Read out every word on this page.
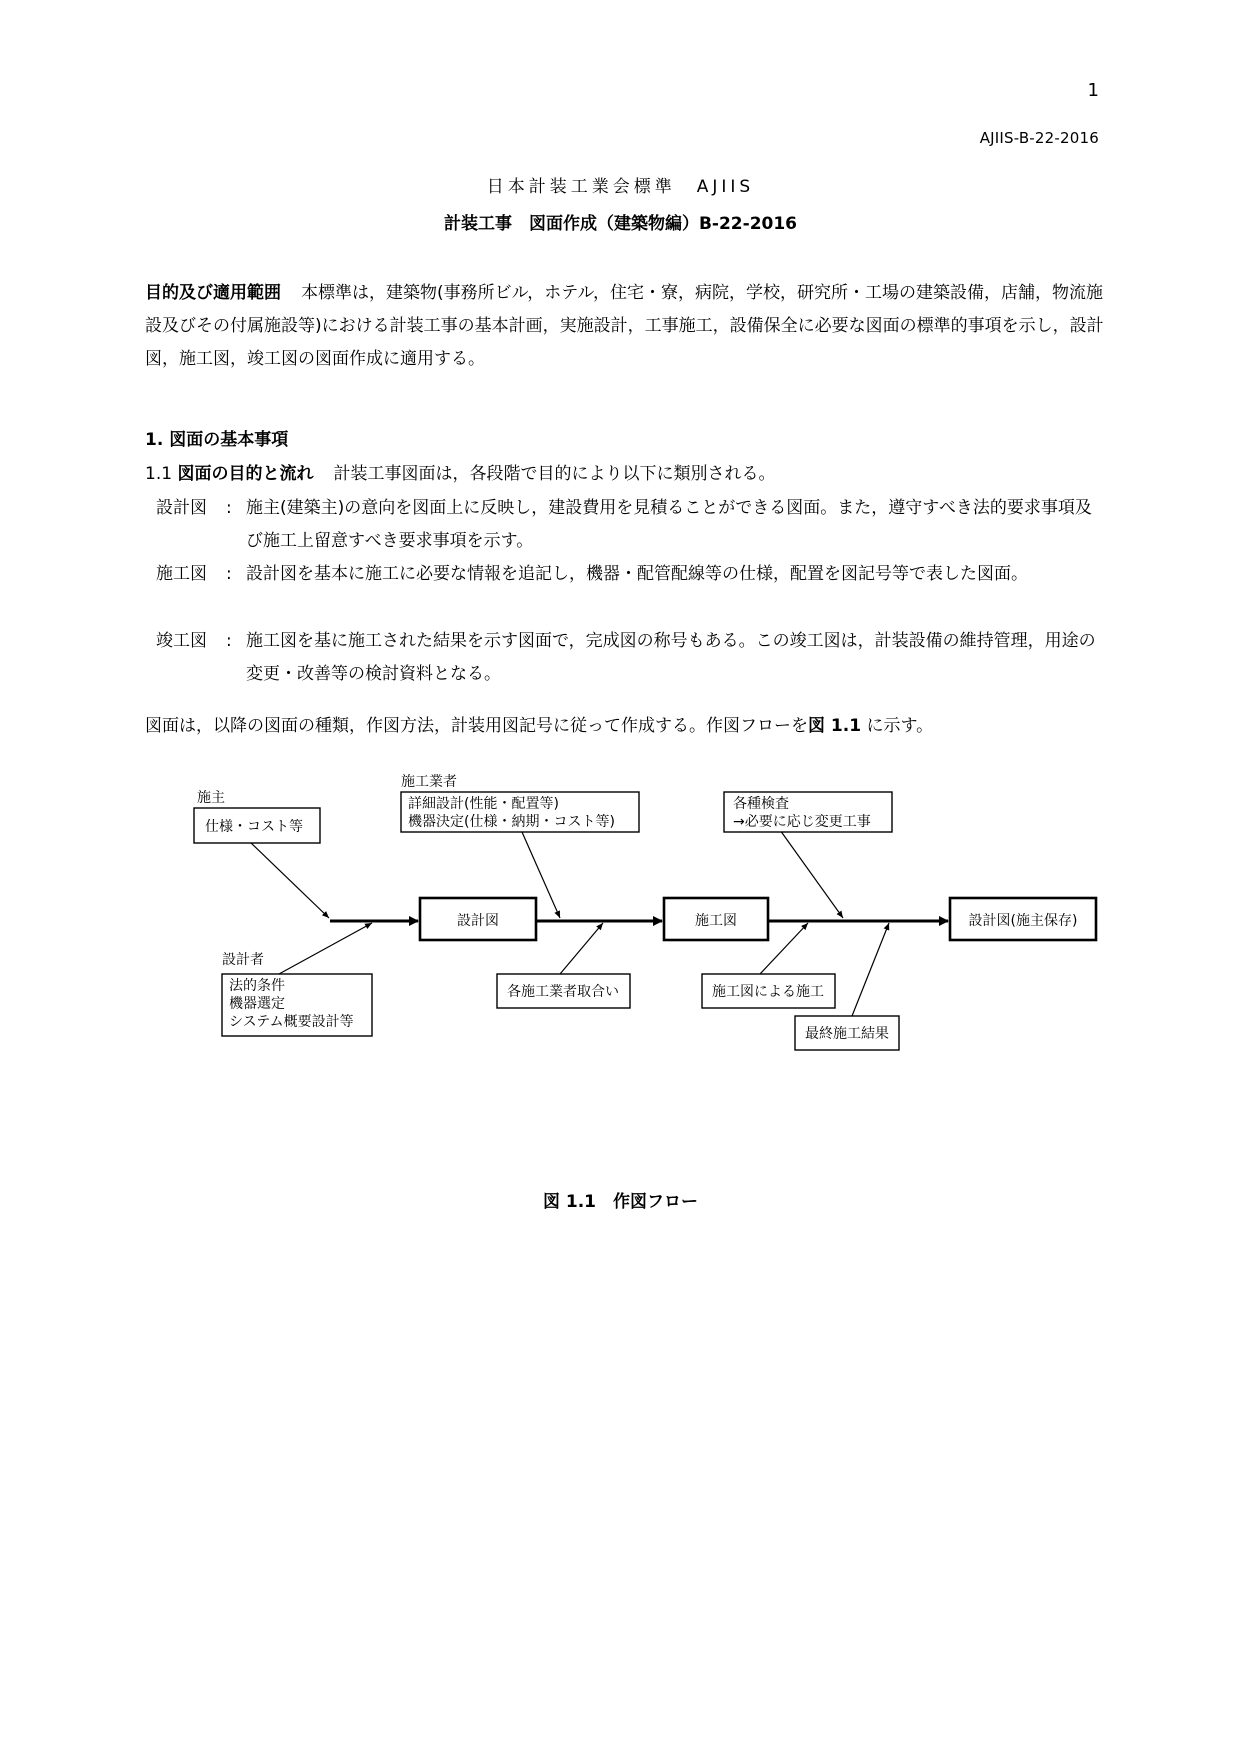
1
AJIIS-B-22-2016
日本計装工業会標準　AJIIS
計装工事　図面作成（建築物編）B-22-2016
目的及び適用範囲 本標準は，建築物(事務所ビル，ホテル，住宅・寮，病院，学校，研究所・工場の建築設備，店舗，物流施設及びその付属施設等)における計装工事の基本計画，実施設計，工事施工，設備保全に必要な図面の標準的事項を示し，設計図，施工図，竣工図の図面作成に適用する。
1. 図面の基本事項
1.1 図面の目的と流れ 計装工事図面は，各段階で目的により以下に類別される。
設計図	: 施主(建築主)の意向を図面上に反映し，建設費用を見積ることができる図面。また，遵守すべき法的要求事項及び施工上留意すべき要求事項を示す。
施工図	: 設計図を基本に施工に必要な情報を追記し，機器・配管配線等の仕様，配置を図記号等で表した図面。
竣工図	: 施工図を基に施工された結果を示す図面で，完成図の称号もある。この竣工図は，計装設備の維持管理，用途の変更・改善等の検討資料となる。
図面は，以降の図面の種類，作図方法，計装用図記号に従って作成する。作図フローを図 1.1 に示す。
施主
仕様・コスト等
設計者
法的条件
機器選定
システム概要設計等
施工業者
詳細設計(性能・配置等)
機器決定(仕様・納期・コスト等)
各種検査
→必要に応じ変更工事
設計図	施工図	設計図(施主保存)
各施工業者取合い	施工図による施工
最終施工結果
図 1.1　作図フロー
